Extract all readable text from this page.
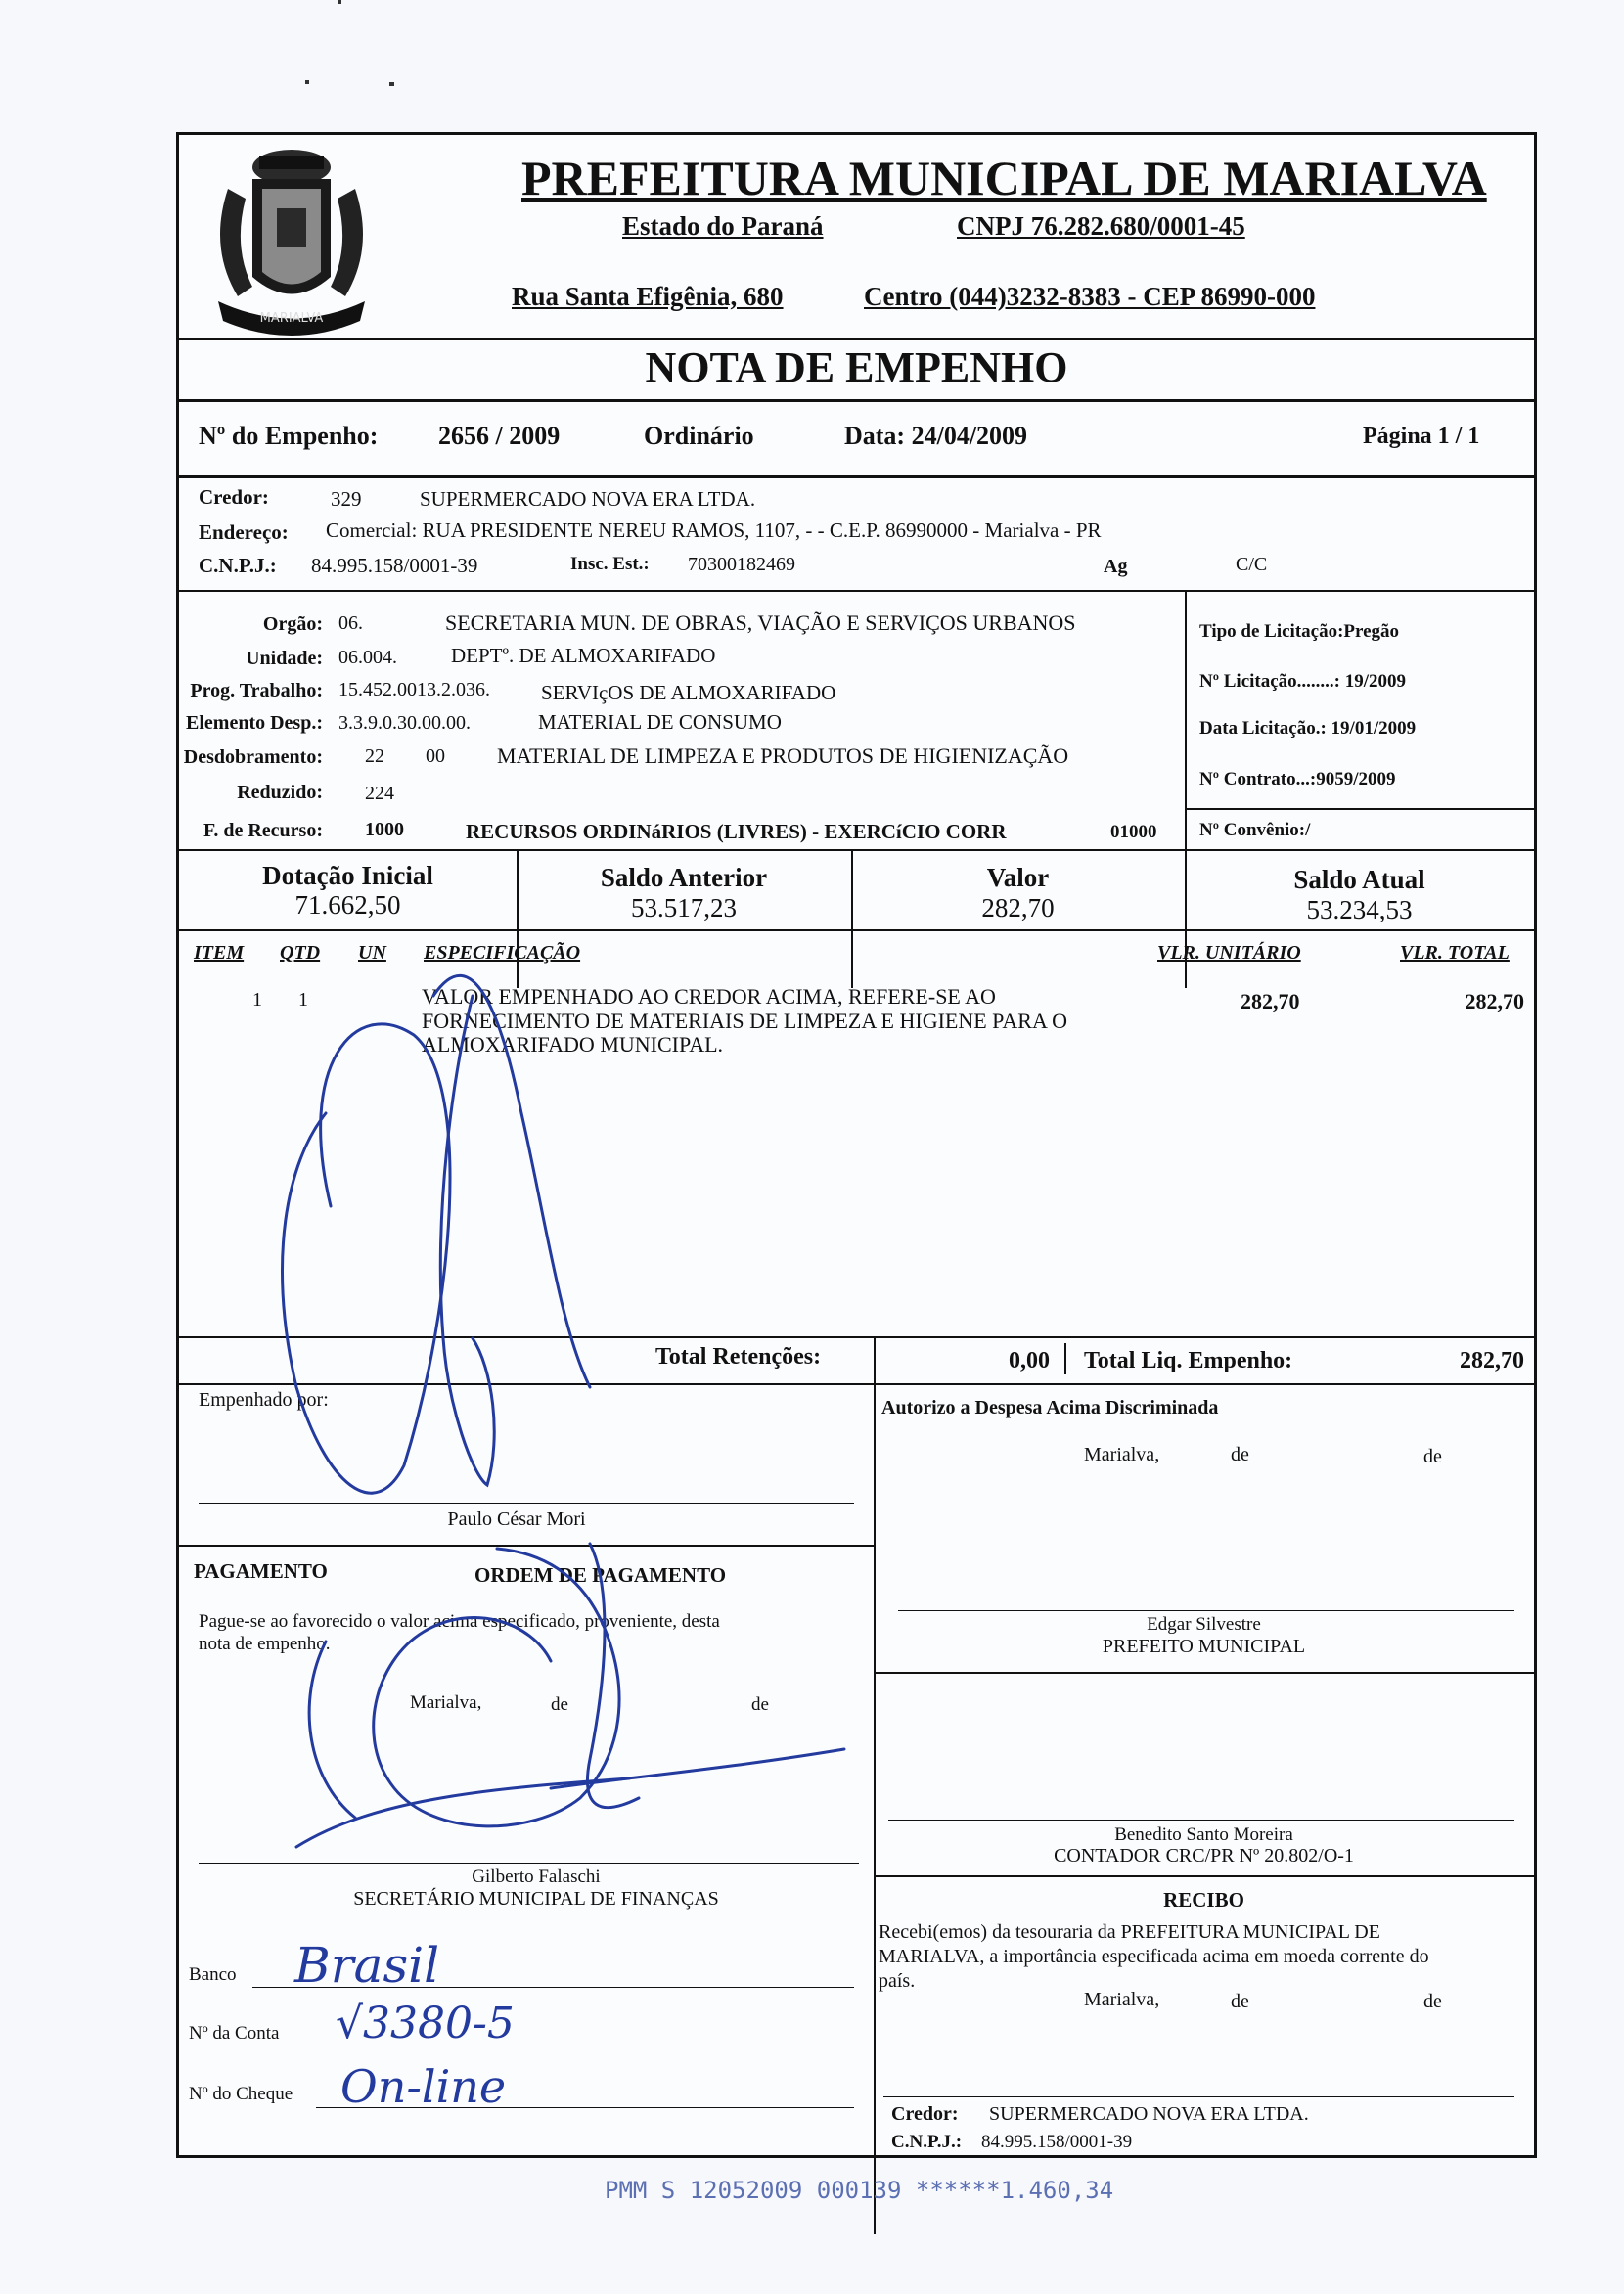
MARIALVA
PREFEITURA MUNICIPAL DE MARIALVA
Estado do Paraná	CNPJ 76.282.680/0001-45
Rua Santa Efigênia, 680	Centro (044)3232-8383 - CEP 86990-000
NOTA DE EMPENHO
Nº do Empenho: 2656 / 2009	Ordinário	Data: 24/04/2009	Página 1 / 1
Credor:	329	SUPERMERCADO NOVA ERA LTDA.
Endereço: Comercial: RUA PRESIDENTE NEREU RAMOS, 1107, - - C.E.P. 86990000 - Marialva - PR
C.N.P.J.: 84.995.158/0001-39	Insc. Est.: 70300182469	Ag	C/C
Orgão: 06.	SECRETARIA MUN. DE OBRAS, VIAÇÃO E SERVIÇOS URBANOS
Unidade: 06.004.	DEPTº. DE ALMOXARIFADO
Prog. Trabalho: 15.452.0013.2.036. SERVIçOS DE ALMOXARIFADO
Elemento Desp.: 3.3.9.0.30.00.00.	MATERIAL DE CONSUMO
Desdobramento: 22 00 MATERIAL DE LIMPEZA E PRODUTOS DE HIGIENIZAÇÃO
Reduzido: 224
F. de Recurso: 1000	RECURSOS ORDINáRIOS (LIVRES) - EXERCíCIO CORR	01000
Tipo de Licitação:Pregão
Nº Licitação........: 19/2009
Data Licitação.: 19/01/2009
Nº Contrato...:9059/2009
Nº Convênio:/
Dotação Inicial
71.662,50
Saldo Anterior
53.517,23
Valor
282,70
Saldo Atual
53.234,53
ITEM QTD UN ESPECIFICAÇÃO	VLR. UNITÁRIO	VLR. TOTAL
1 1	VALOR EMPENHADO AO CREDOR ACIMA, REFERE-SE AO
FORNECIMENTO DE MATERIAIS DE LIMPEZA E HIGIENE PARA O
ALMOXARIFADO MUNICIPAL.
282,70	282,70
Total Retenções:	0,00 Total Liq. Empenho:	282,70
Empenhado por:
Paulo César Mori
Autorizo a Despesa Acima Discriminada
Marialva,	de	de
PAGAMENTO	ORDEM DE PAGAMENTO
Pague-se ao favorecido o valor acima especificado, proveniente, desta
nota de empenho.
Marialva,	de	de
Gilberto Falaschi
SECRETÁRIO MUNICIPAL DE FINANÇAS
Edgar Silvestre
PREFEITO MUNICIPAL
Benedito Santo Moreira
CONTADOR CRC/PR Nº 20.802/O-1
RECIBO
Recebi(emos) da tesouraria da PREFEITURA MUNICIPAL DE
MARIALVA, a importância especificada acima em moeda corrente do
país.
Marialva,	de	de
Credor: SUPERMERCADO NOVA ERA LTDA.
C.N.P.J.: 84.995.158/0001-39
Banco Brasil
Nº da Conta √3380-5
Nº do Cheque On-line
PMM S 12052009 000139 ******1.460,34
